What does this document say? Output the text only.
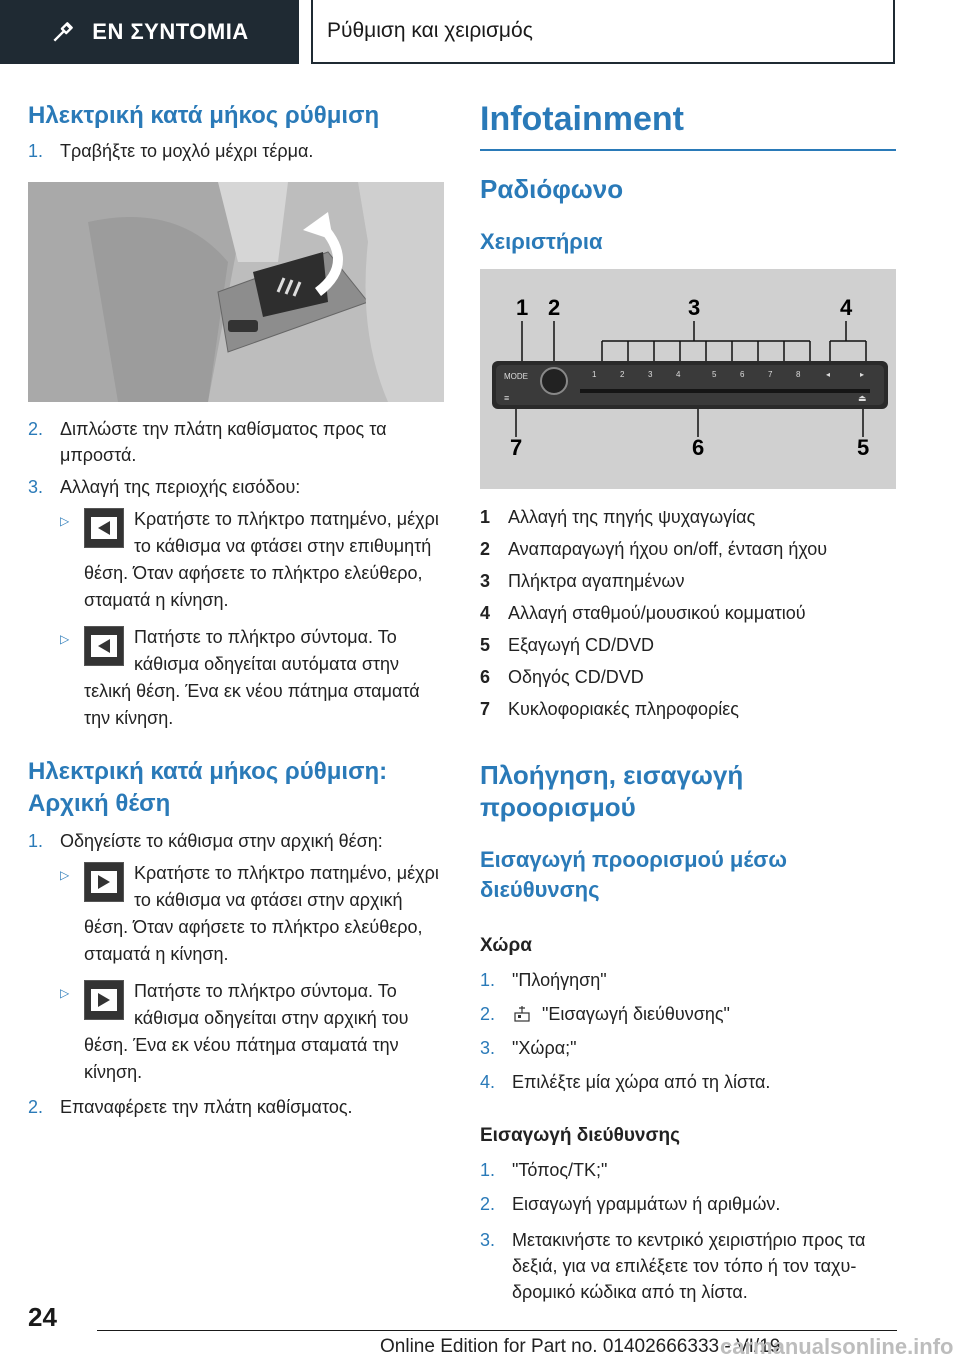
ΕΝ ΣΥΝΤΟΜΙΑ	Ρύθμιση και χειρισμός
Ηλεκτρική κατά μήκος ρύθμιση
1. Τραβήξτε το μοχλό μέχρι τέρμα.
2. Διπλώστε την πλάτη καθίσματος προς τα μπροστά.
3. Αλλαγή της περιοχής εισόδου:
▷	Κρατήστε το πλήκτρο πατημένο, μέχρι το κάθισμα να φτάσει στην επιθυμητή θέση. Όταν αφήσετε το πλήκτρο ελεύθερο, σταματά η κίνηση.
▷	Πατήστε το πλήκτρο σύντομα. Το κάθισμα οδηγείται αυτόματα στην τελική θέση. Ένα εκ νέου πάτημα σταματά την κίνηση.
Ηλεκτρική κατά μήκος ρύθμιση: Αρχική θέση
1. Οδηγείστε το κάθισμα στην αρχική θέση:
▷	Κρατήστε το πλήκτρο πατημένο, μέχρι το κάθισμα να φτάσει στην αρχική θέση. Όταν αφήσετε το πλήκτρο ελεύθερο, σταματά η κίνηση.
▷	Πατήστε το πλήκτρο σύντομα. Το κάθισμα οδηγείται στην αρχική του θέση. Ένα εκ νέου πάτημα σταματά την κίνηση.
2. Επαναφέρετε την πλάτη καθίσματος.
Infotainment
Ραδιόφωνο
Χειριστήρια
1 2	3	4
5
6
7
MODE	1	2	3	4	5	6	7	8	◂	▸
≡	⏏
1 Αλλαγή της πηγής ψυχαγωγίας
2 Αναπαραγωγή ήχου on/off, ένταση ήχου
3 Πλήκτρα αγαπημένων
4 Αλλαγή σταθμού/μουσικού κομματιού
5 Εξαγωγή CD/DVD
6 Οδηγός CD/DVD
7 Κυκλοφοριακές πληροφορίες
Πλοήγηση, εισαγωγή προορισμού
Εισαγωγή προορισμού μέσω διεύθυνσης
Χώρα
1. "Πλοήγηση"
2.	"Εισαγωγή διεύθυνσης"
3. "Χώρα;"
4. Επιλέξτε μία χώρα από τη λίστα.
Εισαγωγή διεύθυνσης
1. "Τόπος/ΤΚ;"
2. Εισαγωγή γραμμάτων ή αριθμών.
3. Μετακινήστε το κεντρικό χειριστήριο προς τα δεξιά, για να επιλέξετε τον τόπο ή τον ταχυδρομικό κώδικα από τη λίστα.
24
Online Edition for Part no. 01402666333 - VI/19
carmanualsonline.info
